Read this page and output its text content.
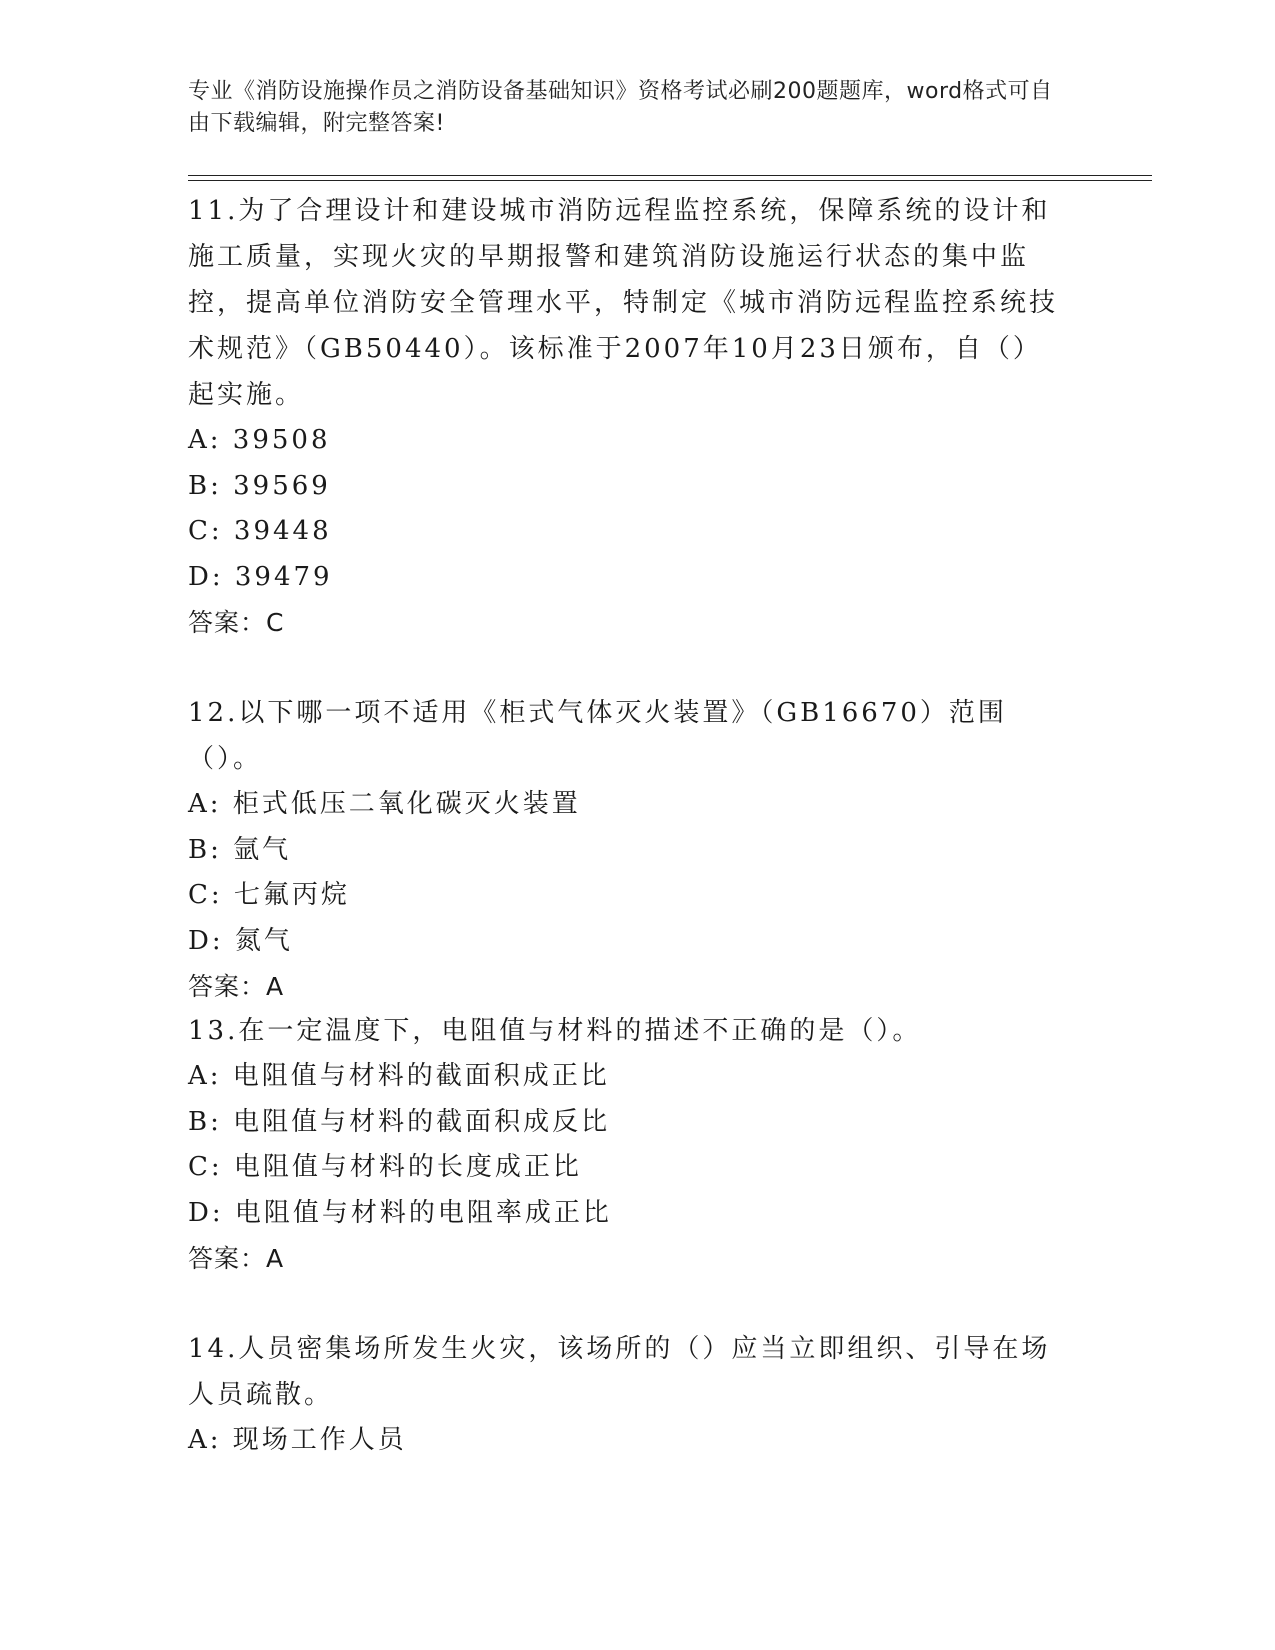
专业《消防设施操作员之消防设备基础知识》资格考试必刷200题题库，word格式可自由下载编辑，附完整答案!

11.为了合理设计和建设城市消防远程监控系统，保障系统的设计和施工质量，实现火灾的早期报警和建筑消防设施运行状态的集中监控，提高单位消防安全管理水平，特制定《城市消防远程监控系统技术规范》（GB50440）。该标准于2007年10月23日颁布，自（）起实施。

A: 39508

B: 39569

C: 39448

D: 39479

答案：C

12.以下哪一项不适用《柜式气体灭火装置》（GB16670）范围（）。

A: 柜式低压二氧化碳灭火装置

B: 氩气

C: 七氟丙烷

D: 氮气

答案：A

13.在一定温度下，电阻值与材料的描述不正确的是（）。

A: 电阻值与材料的截面积成正比

B: 电阻值与材料的截面积成反比

C: 电阻值与材料的长度成正比

D: 电阻值与材料的电阻率成正比

答案：A

14.人员密集场所发生火灾，该场所的（）应当立即组织、引导在场人员疏散。

A: 现场工作人员
